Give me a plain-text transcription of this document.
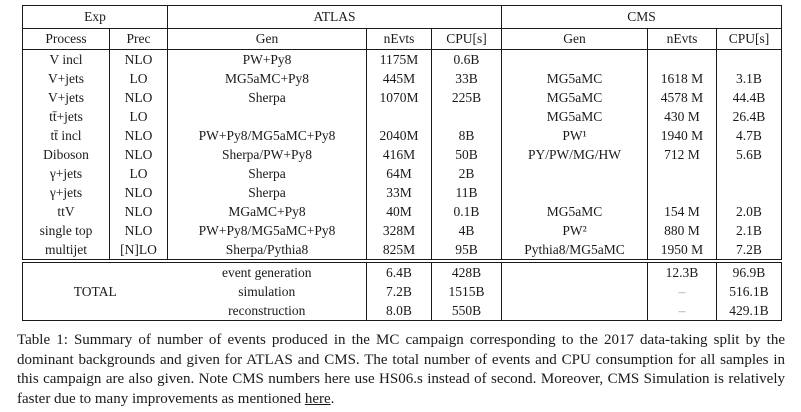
Exp		ATLAS			CMS		
Process	Prec	Gen	nEvts	CPU[s]	Gen	nEvts	CPU[s]
V incl	NLO	PW+Py8	1175M	0.6B			
V+jets	LO	MG5aMC+Py8	445M	33B	MG5aMC	1618 M	3.1B
V+jets	NLO	Sherpa	1070M	225B	MG5aMC	4578 M	44.4B
tt̄+jets	LO				MG5aMC	430 M	26.4B
tt̄ incl	NLO	PW+Py8/MG5aMC+Py8	2040M	8B	PW¹	1940 M	4.7B
Diboson	NLO	Sherpa/PW+Py8	416M	50B	PY/PW/MG/HW	712 M	5.6B
γ+jets	LO	Sherpa	64M	2B			
γ+jets	NLO	Sherpa	33M	11B			
ttV	NLO	MGaMC+Py8	40M	0.1B	MG5aMC	154 M	2.0B
single top	NLO	PW+Py8/MG5aMC+Py8	328M	4B	PW²	880 M	2.1B
multijet	[N]LO	Sherpa/Pythia8	825M	95B	Pythia8/MG5aMC	1950 M	7.2B
TOTAL	event generation	6.4B	428B		12.3B	96.9B
	simulation	7.2B	1515B		–	516.1B
	reconstruction	8.0B	550B		–	429.1B
Table 1: Summary of number of events produced in the MC campaign corresponding to the 2017 data-taking split by the dominant backgrounds and given for ATLAS and CMS. The total number of events and CPU consumption for all samples in this campaign are also given. Note CMS numbers here use HS06.s instead of second. Moreover, CMS Simulation is relatively faster due to many improvements as mentioned here.
